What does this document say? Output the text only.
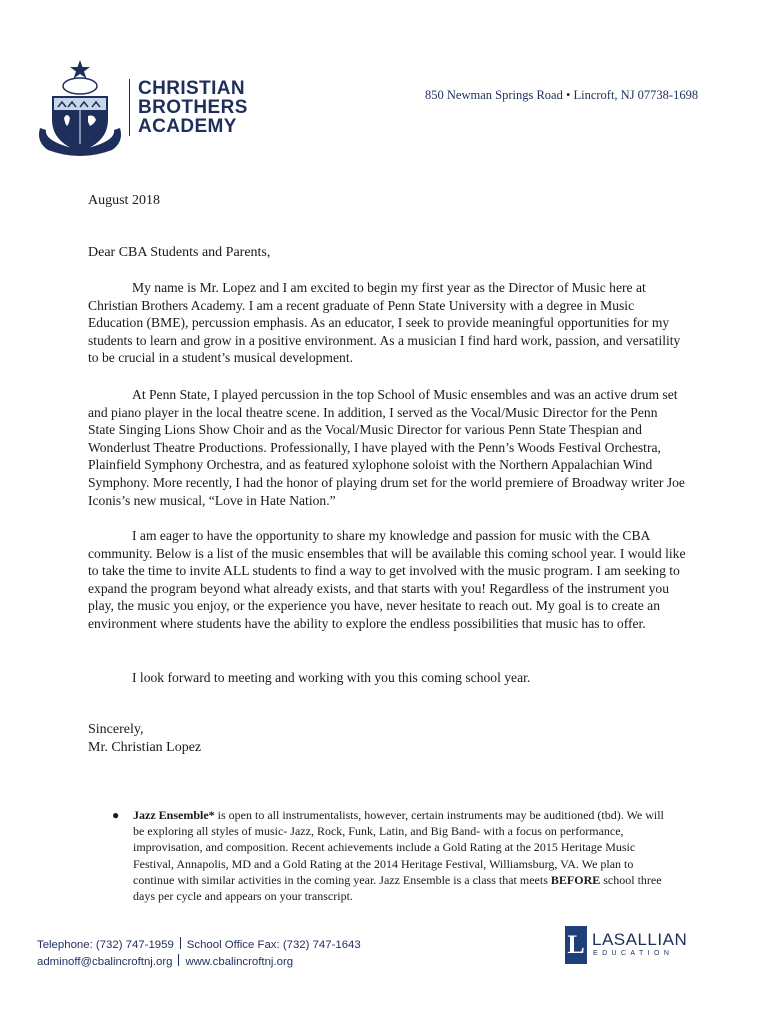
CHRISTIAN
BROTHERS
ACADEMY
850 Newman Springs Road • Lincroft, NJ 07738-1698
August 2018
Dear CBA Students and Parents,

My name is Mr. Lopez and I am excited to begin my first year as the Director of Music here at Christian Brothers Academy. I am a recent graduate of Penn State University with a degree in Music Education (BME), percussion emphasis. As an educator, I seek to provide meaningful opportunities for my students to learn and grow in a positive environment. As a musician I find hard work, passion, and versatility to be crucial in a student’s musical development.

At Penn State, I played percussion in the top School of Music ensembles and was an active drum set and piano player in the local theatre scene. In addition, I served as the Vocal/Music Director for the Penn State Singing Lions Show Choir and as the Vocal/Music Director for various Penn State Thespian and Wonderlust Theatre Productions. Professionally, I have played with the Penn’s Woods Festival Orchestra, Plainfield Symphony Orchestra, and as featured xylophone soloist with the Northern Appalachian Wind Symphony. More recently, I had the honor of playing drum set for the world premiere of Broadway writer Joe Iconis’s new musical, “Love in Hate Nation.”

I am eager to have the opportunity to share my knowledge and passion for music with the CBA community. Below is a list of the music ensembles that will be available this coming school year. I would like to take the time to invite ALL students to find a way to get involved with the music program. I am seeking to expand the program beyond what already exists, and that starts with you! Regardless of the instrument you play, the music you enjoy, or the experience you have, never hesitate to reach out. My goal is to create an environment where students have the ability to explore the endless possibilities that music has to offer.

I look forward to meeting and working with you this coming school year.

Sincerely,
Mr. Christian Lopez
● Jazz Ensemble* is open to all instrumentalists, however, certain instruments may be auditioned (tbd). We will be exploring all styles of music- Jazz, Rock, Funk, Latin, and Big Band- with a focus on performance, improvisation, and composition. Recent achievements include a Gold Rating at the 2015 Heritage Music Festival, Annapolis, MD and a Gold Rating at the 2014 Heritage Festival, Williamsburg, VA. We plan to continue with similar activities in the coming year. Jazz Ensemble is a class that meets BEFORE school three days per cycle and appears on your transcript.
Telephone: (732) 747-1959 School Office Fax: (732) 747-1643
adminoff@cbalincroftnj.org www.cbalincroftnj.org
L LASALLIAN
EDUCATION
